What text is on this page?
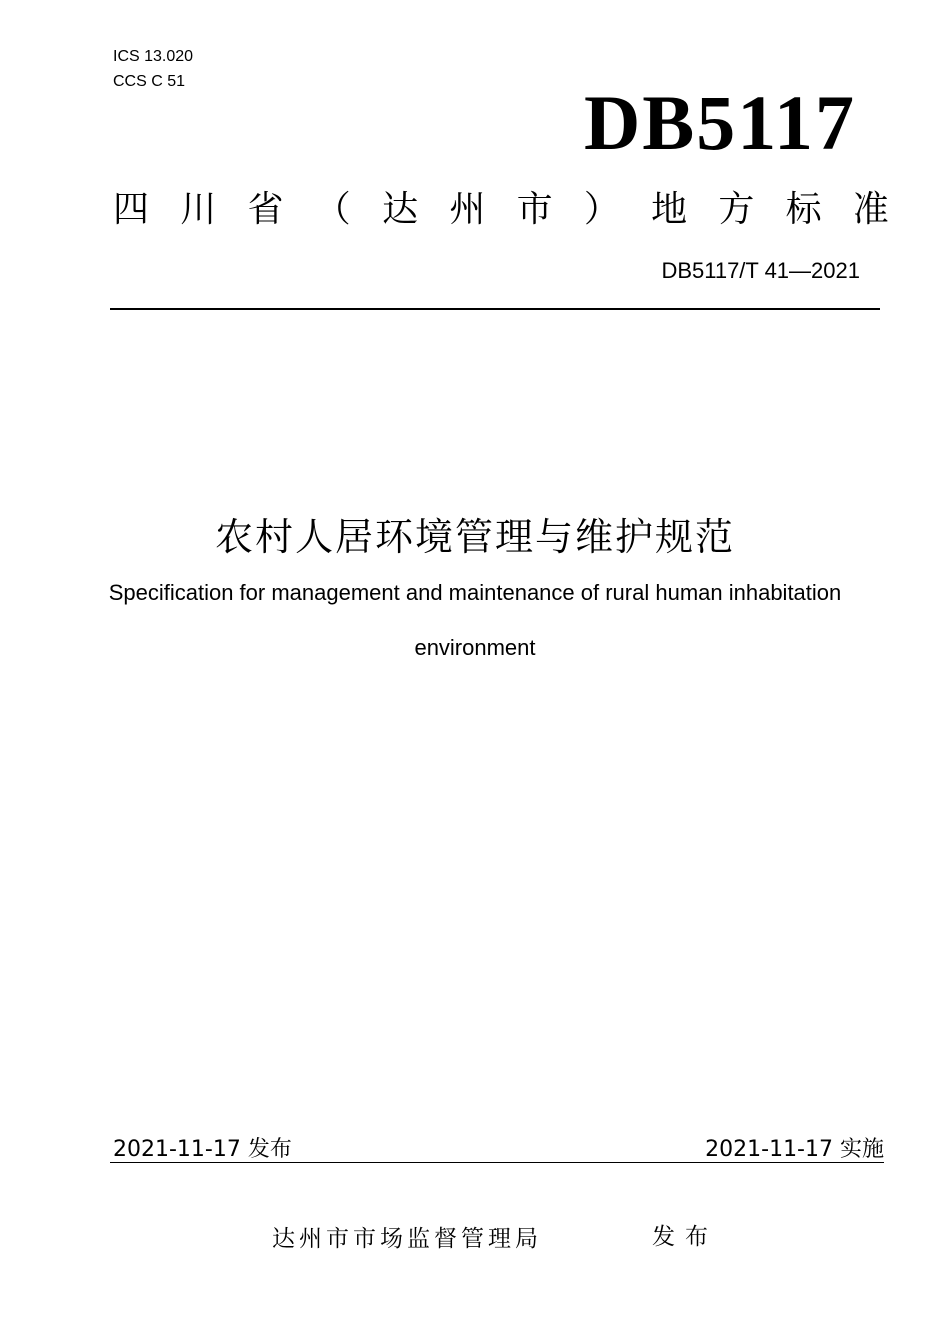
ICS 13.020
CCS C 51	DB5117
四 川 省 （ 达 州 市 ） 地 方 标 准
DB5117/T 41—2021
农村人居环境管理与维护规范
Specification for management and maintenance of rural human inhabitation
environment
2021-11-17 发布	2021-11-17 实施
达州市市场监督管理局	发布
